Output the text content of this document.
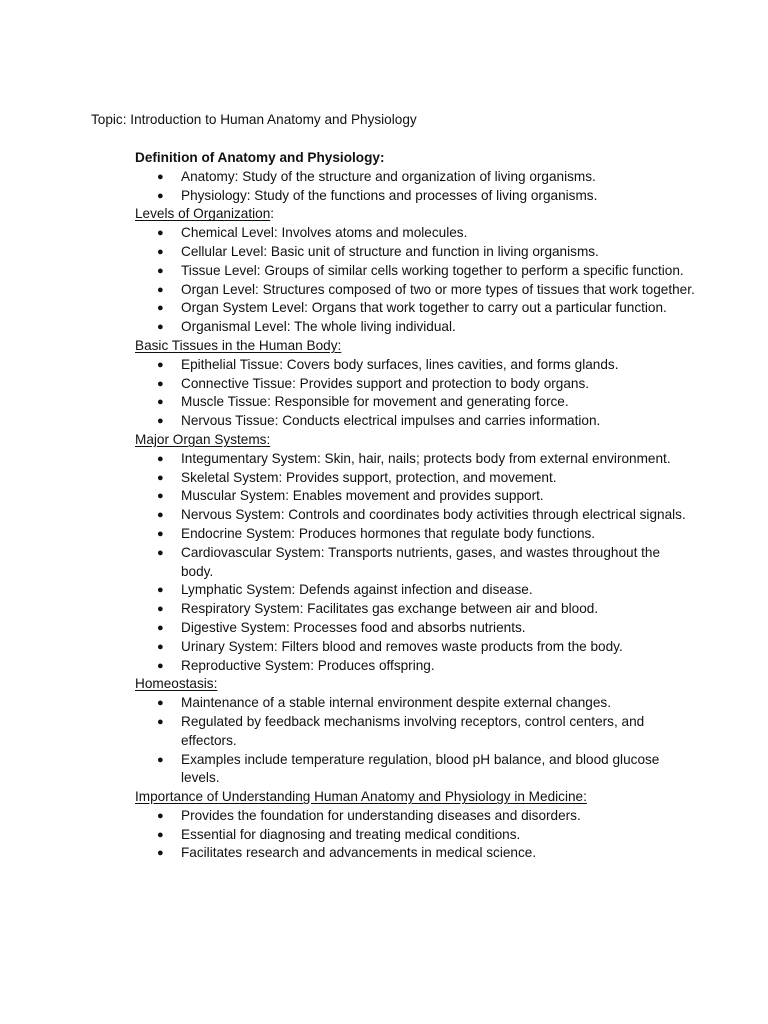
Topic: Introduction to Human Anatomy and Physiology
Definition of Anatomy and Physiology:
● Anatomy: Study of the structure and organization of living organisms.
● Physiology: Study of the functions and processes of living organisms.
Levels of Organization:
● Chemical Level: Involves atoms and molecules.
● Cellular Level: Basic unit of structure and function in living organisms.
● Tissue Level: Groups of similar cells working together to perform a specific function.
● Organ Level: Structures composed of two or more types of tissues that work together.
● Organ System Level: Organs that work together to carry out a particular function.
● Organismal Level: The whole living individual.
Basic Tissues in the Human Body:
● Epithelial Tissue: Covers body surfaces, lines cavities, and forms glands.
● Connective Tissue: Provides support and protection to body organs.
● Muscle Tissue: Responsible for movement and generating force.
● Nervous Tissue: Conducts electrical impulses and carries information.
Major Organ Systems:
● Integumentary System: Skin, hair, nails; protects body from external environment.
● Skeletal System: Provides support, protection, and movement.
● Muscular System: Enables movement and provides support.
● Nervous System: Controls and coordinates body activities through electrical signals.
● Endocrine System: Produces hormones that regulate body functions.
● Cardiovascular System: Transports nutrients, gases, and wastes throughout the body.
● Lymphatic System: Defends against infection and disease.
● Respiratory System: Facilitates gas exchange between air and blood.
● Digestive System: Processes food and absorbs nutrients.
● Urinary System: Filters blood and removes waste products from the body.
● Reproductive System: Produces offspring.
Homeostasis:
● Maintenance of a stable internal environment despite external changes.
● Regulated by feedback mechanisms involving receptors, control centers, and effectors.
● Examples include temperature regulation, blood pH balance, and blood glucose levels.
Importance of Understanding Human Anatomy and Physiology in Medicine:
● Provides the foundation for understanding diseases and disorders.
● Essential for diagnosing and treating medical conditions.
● Facilitates research and advancements in medical science.
